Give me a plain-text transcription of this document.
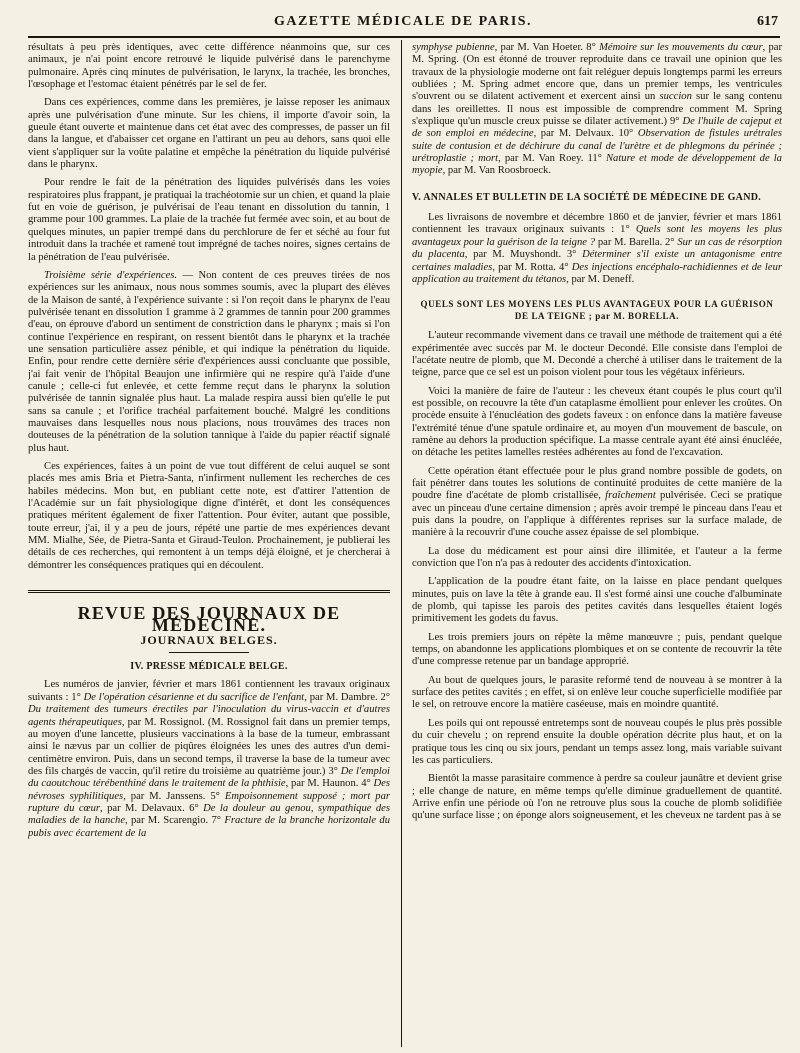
GAZETTE MÉDICALE DE PARIS.	617

résultats à peu près identiques, avec cette différence néanmoins que, sur ces animaux, je n'ai point encore retrouvé le liquide pulvérisé dans le parenchyme pulmonaire. Après cinq minutes de pulvérisation, le larynx, la trachée, les bronches, l'œsophage et l'estomac étaient pénétrés par le sel de fer.

Dans ces expériences, comme dans les premières, je laisse reposer les animaux après une pulvérisation d'une minute. Sur les chiens, il importe d'avoir soin, la gueule étant ouverte et maintenue dans cet état avec des compresses, de passer un fil dans la langue, et d'abaisser cet organe en l'attirant un peu au dehors, sans quoi elle vient s'appliquer sur la voûte palatine et empêche la pénétration du liquide pulvérisé dans le pharynx.

Pour rendre le fait de la pénétration des liquides pulvérisés dans les voies respiratoires plus frappant, je pratiquai la trachéotomie sur un chien, et quand la plaie fut en voie de guérison, je pulvérisai de l'eau tenant en dissolution du tannin, 1 gramme pour 100 grammes. La plaie de la trachée fut fermée avec soin, et au bout de quelques minutes, un papier trempé dans du perchlorure de fer et séché au four fut introduit dans la trachée et ramené tout imprégné de taches noires, signes certains de la pénétration de l'eau pulvérisée.

Troisième série d'expériences. — Non content de ces preuves tirées de nos expériences sur les animaux, nous nous sommes soumis, avec la plupart des élèves de la Maison de santé, à l'expérience suivante : si l'on reçoit dans le pharynx de l'eau pulvérisée tenant en dissolution 1 gramme à 2 grammes de tannin pour 200 grammes d'eau, on éprouve d'abord un sentiment de constriction dans le pharynx ; mais si l'on continue l'expérience en respirant, on ressent bientôt dans le pharynx et la trachée une sensation particulière assez pénible, et qui indique la pénétration du liquide. Enfin, pour rendre cette dernière série d'expériences aussi concluante que possible, j'ai fait venir de l'hôpital Beaujon une infirmière qui ne respire qu'à l'aide d'une canule ; celle-ci fut enlevée, et cette femme reçut dans le pharynx la solution pulvérisée de tannin signalée plus haut. La malade respira aussi bien qu'elle le put sans sa canule ; et l'orifice trachéal parfaitement bouché. Malgré les conditions mauvaises dans lesquelles nous nous placions, nous trouvâmes des traces non douteuses de la pénétration de la solution tannique à l'aide du papier réactif signalé plus haut.

Ces expériences, faites à un point de vue tout différent de celui auquel se sont placés mes amis Bria et Pietra-Santa, n'infirment nullement les recherches de ces habiles médecins. Mon but, en publiant cette note, est d'attirer l'attention de l'Académie sur un fait physiologique digne d'intérêt, et dont les conséquences pratiques méritent également de fixer l'attention. Pour éviter, autant que possible, toute erreur, j'ai, il y a peu de jours, répété une partie de mes expériences devant MM. Mialhe, Sée, de Pietra-Santa et Giraud-Teulon. Prochainement, je publierai les détails de ces recherches, qui remontent à un temps déjà éloigné, et je chercherai à démontrer les conséquences pratiques qui en découlent.

REVUE DES JOURNAUX DE MÉDECINE.
JOURNAUX BELGES.
IV. PRESSE MÉDICALE BELGE.

Les numéros de janvier, février et mars 1861 contiennent les travaux originaux suivants : 1° De l'opération césarienne et du sacrifice de l'enfant, par M. Dambre. 2° Du traitement des tumeurs érectiles par l'inoculation du virus-vaccin et d'autres agents thérapeutiques, par M. Rossignol. (M. Rossignol fait dans un premier temps, au moyen d'une lancette, plusieurs vaccinations à la base de la tumeur, embrassant ainsi le nævus par un collier de piqûres éloignées les unes des autres d'un demi-centimètre environ. Puis, dans un second temps, il traverse la base de la tumeur avec des fils chargés de vaccin, qu'il retire du troisième au quatrième jour.) 3° De l'emploi du caoutchouc térébenthiné dans le traitement de la phthisie, par M. Haunon. 4° Des névroses syphilitiques, par M. Janssens. 5° Empoisonnement supposé ; mort par rupture du cœur, par M. Delavaux. 6° De la douleur au genou, sympathique des maladies de la hanche, par M. Scarengio. 7° Fracture de la branche horizontale du pubis avec écartement de la

symphyse pubienne, par M. Van Hoeter. 8° Mémoire sur les mouvements du cœur, par M. Spring. (On est étonné de trouver reproduite dans ce travail une opinion que les travaux de la physiologie moderne ont fait reléguer depuis longtemps parmi les erreurs oubliées ; M. Spring admet encore que, dans un premier temps, les ventricules s'ouvrent ou se dilatent activement et exercent ainsi un succion sur le sang contenu dans les oreillettes. Il nous est impossible de comprendre comment M. Spring s'explique qu'un muscle creux puisse se dilater activement.) 9° De l'huile de cajeput et de son emploi en médecine, par M. Delvaux. 10° Observation de fistules urétrales suite de contusion et de déchirure du canal de l'urètre et de phlegmons du périnée ; urétroplastie ; mort, par M. Van Roey. 11° Nature et mode de développement de la myopie, par M. Van Roosbroeck.

V. ANNALES ET BULLETIN DE LA SOCIÉTÉ DE MÉDECINE DE GAND.

Les livraisons de novembre et décembre 1860 et de janvier, février et mars 1861 contiennent les travaux originaux suivants : 1° Quels sont les moyens les plus avantageux pour la guérison de la teigne ? par M. Barella. 2° Sur un cas de résorption du placenta, par M. Muyshondt. 3° Déterminer s'il existe un antagonisme entre certaines maladies, par M. Rotta. 4° Des injections encéphalo-rachidiennes et de leur application au traitement du tétanos, par M. Deneff.

QUELS SONT LES MOYENS LES PLUS AVANTAGEUX POUR LA GUÉRISON
DE LA TEIGNE ; par M. BORELLA.

L'auteur recommande vivement dans ce travail une méthode de traitement qui a été expérimentée avec succès par M. le docteur Decondé. Elle consiste dans l'emploi de l'acétate neutre de plomb, que M. Decondé a cherché à utiliser dans le traitement de la teigne, parce que ce sel est un poison violent pour tous les végétaux inférieurs.

Voici la manière de faire de l'auteur : les cheveux étant coupés le plus court qu'il est possible, on recouvre la tête d'un cataplasme émollient pour enlever les croûtes. On procède ensuite à l'énucléation des godets faveux : on enfonce dans la matière faveuse l'extrémité ténue d'une spatule ordinaire et, au moyen d'un mouvement de bascule, on ramène au dehors la production spécifique. La masse centrale ayant été ainsi énucléée, on détache les petites lamelles restées adhérentes au fond de l'excavation.

Cette opération étant effectuée pour le plus grand nombre possible de godets, on fait pénétrer dans toutes les solutions de continuité produites de cette manière de la poudre fine d'acétate de plomb cristallisée, fraîchement pulvérisée. Ceci se pratique avec un pinceau d'une certaine dimension ; après avoir trempé le pinceau dans l'eau et puis dans la poudre, on l'applique à différentes reprises sur la surface malade, de manière à la recouvrir d'une couche assez épaisse de sel plombique.

La dose du médicament est pour ainsi dire illimitée, et l'auteur a la ferme conviction que l'on n'a pas à redouter des accidents d'intoxication.

L'application de la poudre étant faite, on la laisse en place pendant quelques minutes, puis on lave la tête à grande eau. Il s'est formé ainsi une couche d'albuminate de plomb, qui tapisse les parois des petites cavités dans lesquelles étaient logés primitivement les godets du favus.

Les trois premiers jours on répète la même manœuvre ; puis, pendant quelque temps, on abandonne les applications plombiques et on se contente de recouvrir la tête d'une compresse retenue par un bandage approprié.

Au bout de quelques jours, le parasite reformé tend de nouveau à se montrer à la surface des petites cavités ; en effet, si on enlève leur couche superficielle modifiée par le sel, on retrouve encore la matière caséeuse, mais en moindre quantité.

Les poils qui ont repoussé entretemps sont de nouveau coupés le plus près possible du cuir chevelu ; on reprend ensuite la double opération décrite plus haut, et on la pratique tous les cinq ou six jours, pendant un temps assez long, mais variable suivant les cas particuliers.

Bientôt la masse parasitaire commence à perdre sa couleur jaunâtre et devient grise ; elle change de nature, en même temps qu'elle diminue graduellement de quantité. Arrive enfin une période où l'on ne retrouve plus sous la couche de plomb solidifiée qu'une surface lisse ; on éponge alors soigneusement, et les cheveux ne tardent pas à se
